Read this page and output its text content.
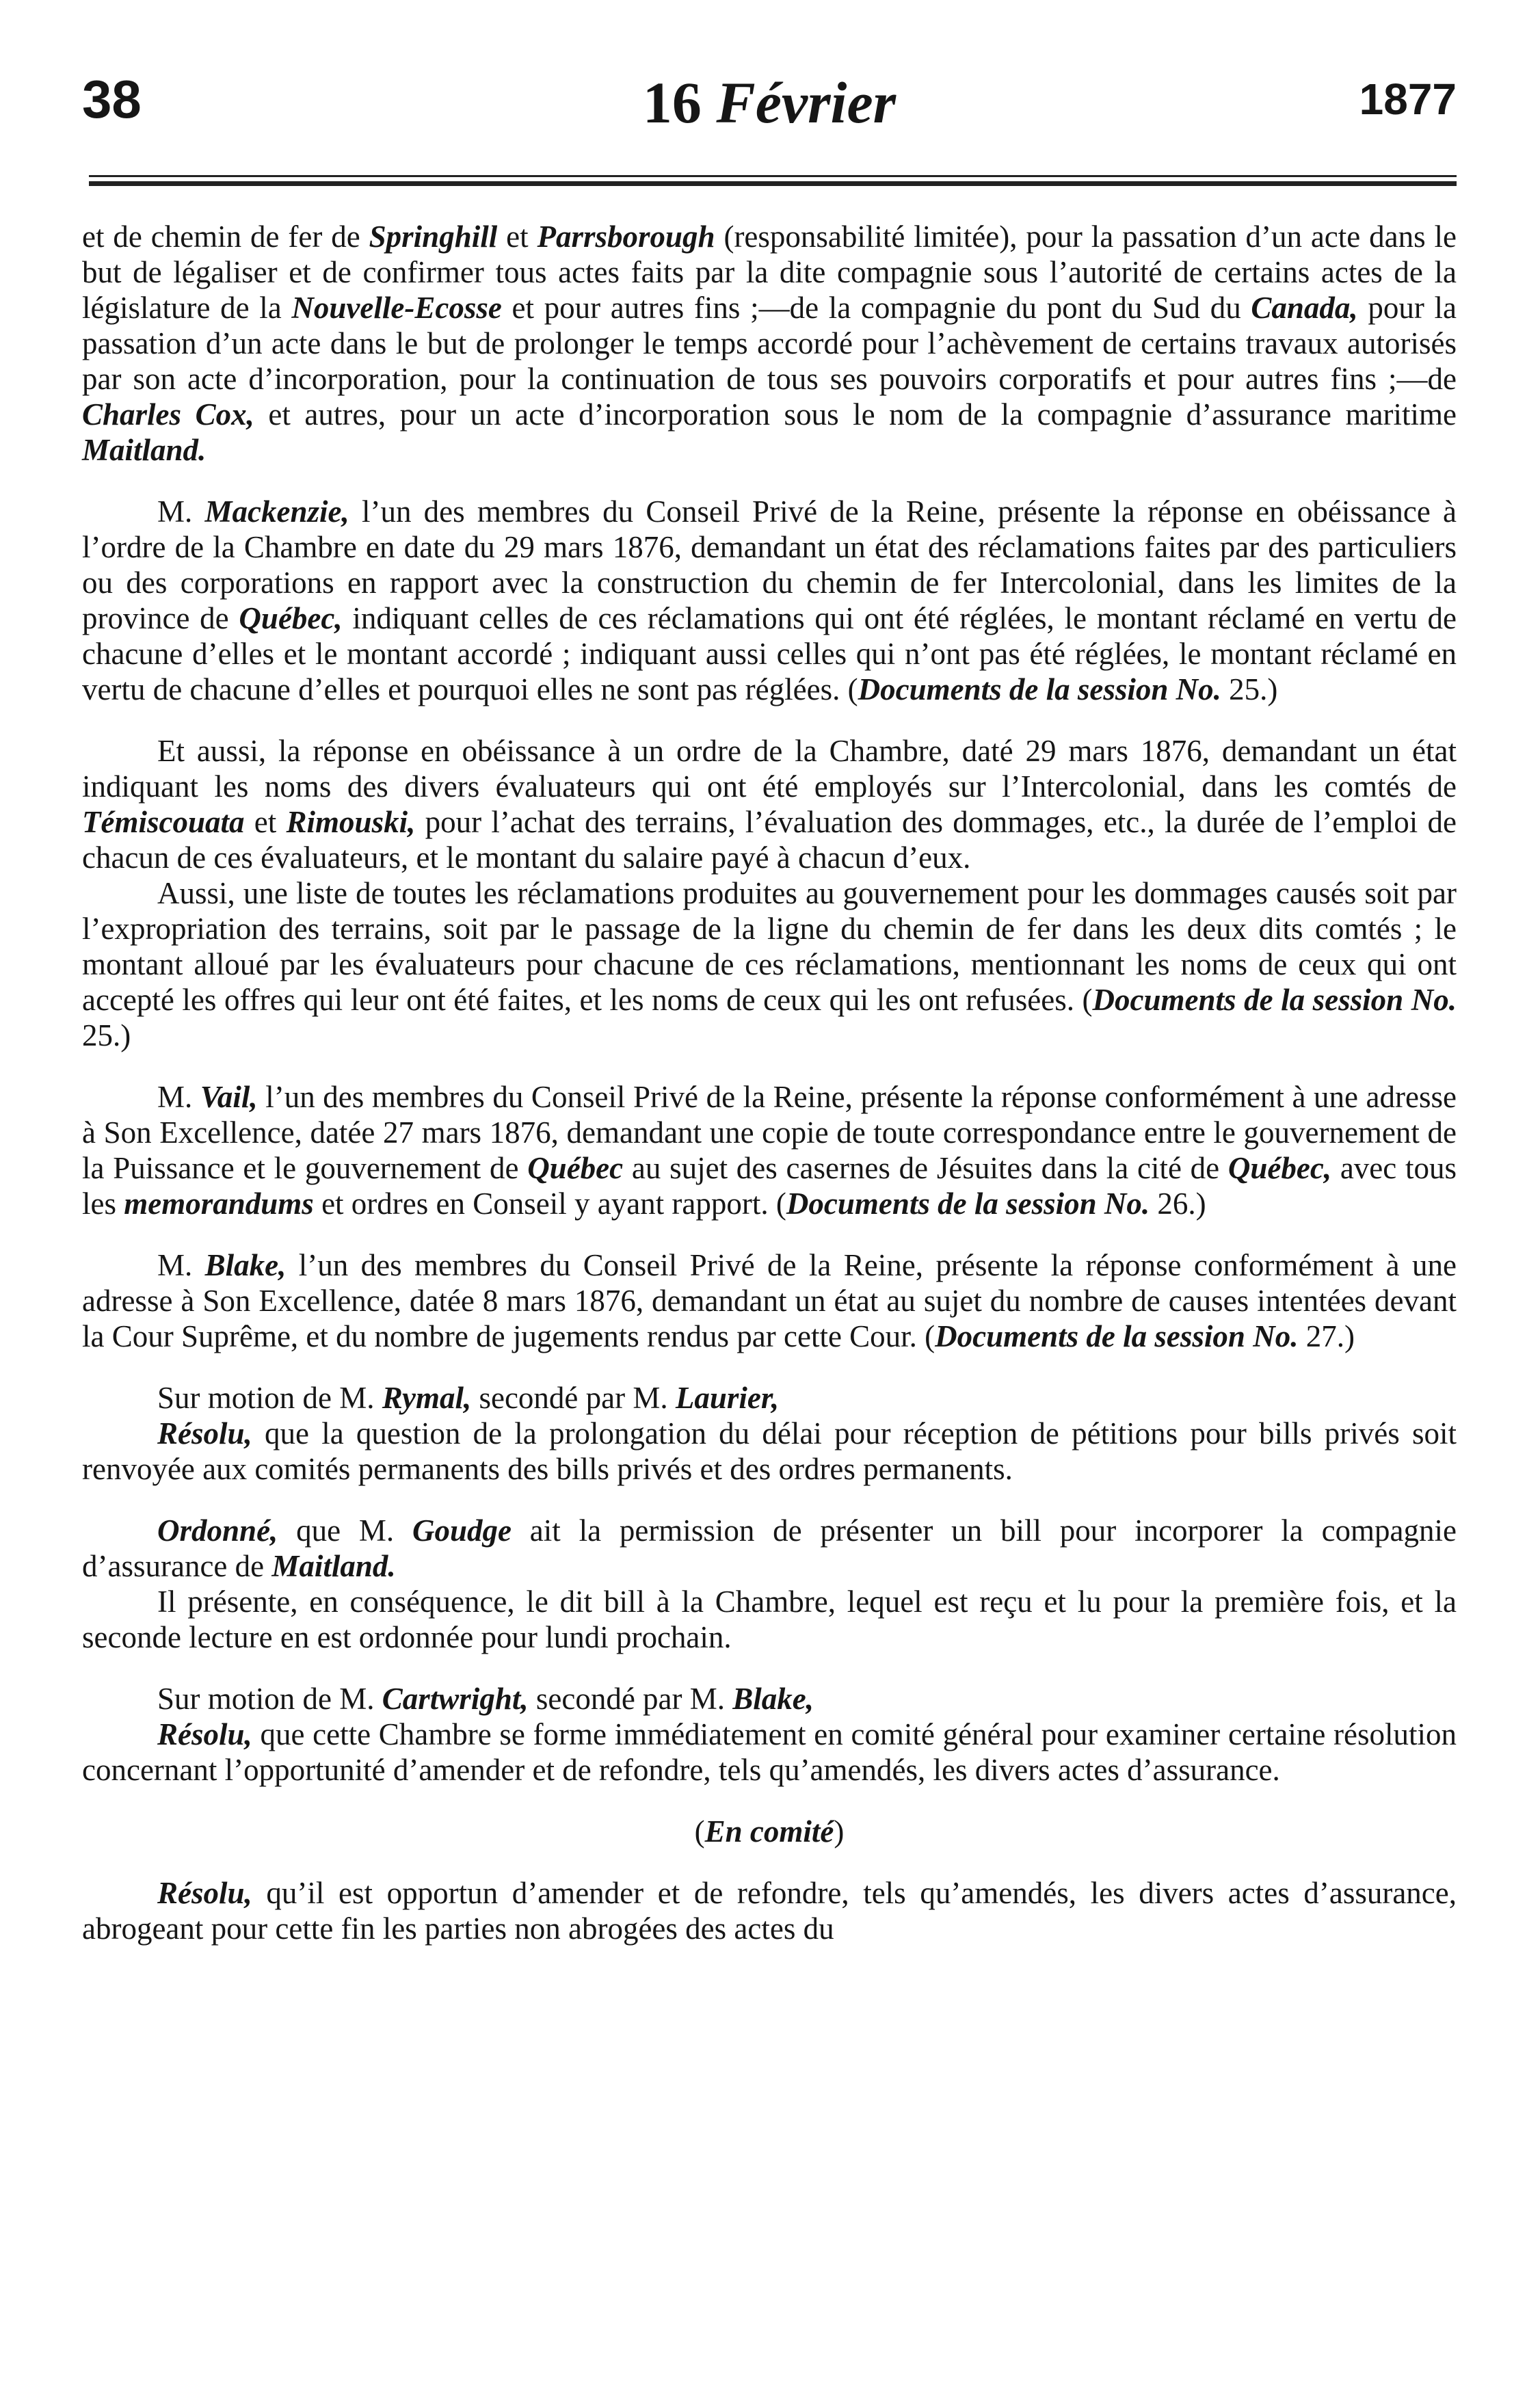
38	16 Février	1877

et de chemin de fer de Springhill et Parrsborough (responsabilité limitée), pour la passation d’un acte dans le but de légaliser et de confirmer tous actes faits par la dite compagnie sous l’autorité de certains actes de la législature de la Nouvelle-Ecosse et pour autres fins ;—de la compagnie du pont du Sud du Canada, pour la passation d’un acte dans le but de prolonger le temps accordé pour l’achèvement de certains travaux autorisés par son acte d’incorporation, pour la continuation de tous ses pouvoirs corporatifs et pour autres fins ;—de Charles Cox, et autres, pour un acte d’incorporation sous le nom de la compagnie d’assurance maritime Maitland.

M. Mackenzie, l’un des membres du Conseil Privé de la Reine, présente la réponse en obéissance à l’ordre de la Chambre en date du 29 mars 1876, demandant un état des réclamations faites par des particuliers ou des corporations en rapport avec la construction du chemin de fer Intercolonial, dans les limites de la province de Québec, indiquant celles de ces réclamations qui ont été réglées, le montant réclamé en vertu de chacune d’elles et le montant accordé ; indiquant aussi celles qui n’ont pas été réglées, le montant réclamé en vertu de chacune d’elles et pourquoi elles ne sont pas réglées. (Documents de la session No. 25.)

Et aussi, la réponse en obéissance à un ordre de la Chambre, daté 29 mars 1876, demandant un état indiquant les noms des divers évaluateurs qui ont été employés sur l’Intercolonial, dans les comtés de Témiscouata et Rimouski, pour l’achat des terrains, l’évaluation des dommages, etc., la durée de l’emploi de chacun de ces évaluateurs, et le montant du salaire payé à chacun d’eux.

Aussi, une liste de toutes les réclamations produites au gouvernement pour les dommages causés soit par l’expropriation des terrains, soit par le passage de la ligne du chemin de fer dans les deux dits comtés ; le montant alloué par les évaluateurs pour chacune de ces réclamations, mentionnant les noms de ceux qui ont accepté les offres qui leur ont été faites, et les noms de ceux qui les ont refusées. (Documents de la session No. 25.)

M. Vail, l’un des membres du Conseil Privé de la Reine, présente la réponse conformément à une adresse à Son Excellence, datée 27 mars 1876, demandant une copie de toute correspondance entre le gouvernement de la Puissance et le gouvernement de Québec au sujet des casernes de Jésuites dans la cité de Québec, avec tous les memorandums et ordres en Conseil y ayant rapport. (Documents de la session No. 26.)

M. Blake, l’un des membres du Conseil Privé de la Reine, présente la réponse conformément à une adresse à Son Excellence, datée 8 mars 1876, demandant un état au sujet du nombre de causes intentées devant la Cour Suprême, et du nombre de jugements rendus par cette Cour. (Documents de la session No. 27.)

Sur motion de M. Rymal, secondé par M. Laurier,

Résolu, que la question de la prolongation du délai pour réception de pétitions pour bills privés soit renvoyée aux comités permanents des bills privés et des ordres permanents.

Ordonné, que M. Goudge ait la permission de présenter un bill pour incorporer la compagnie d’assurance de Maitland.

Il présente, en conséquence, le dit bill à la Chambre, lequel est reçu et lu pour la première fois, et la seconde lecture en est ordonnée pour lundi prochain.

Sur motion de M. Cartwright, secondé par M. Blake,

Résolu, que cette Chambre se forme immédiatement en comité général pour examiner certaine résolution concernant l’opportunité d’amender et de refondre, tels qu’amendés, les divers actes d’assurance.

(En comité)

Résolu, qu’il est opportun d’amender et de refondre, tels qu’amendés, les divers actes d’assurance, abrogeant pour cette fin les parties non abrogées des actes du
